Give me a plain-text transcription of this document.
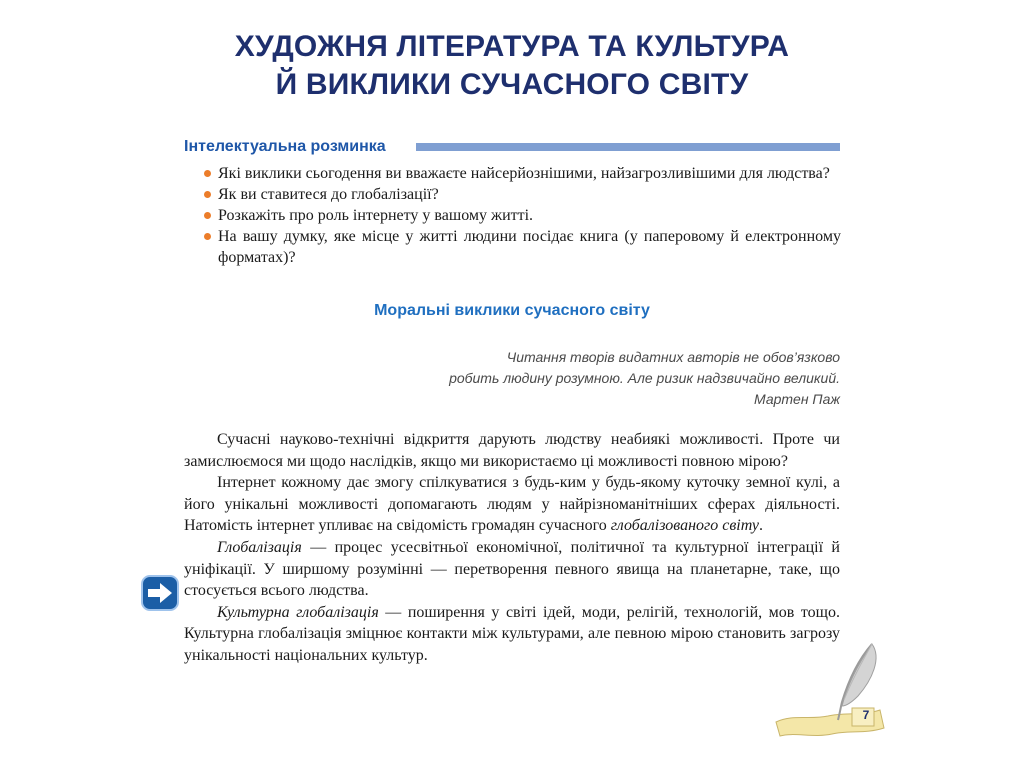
ХУДОЖНЯ ЛІТЕРАТУРА ТА КУЛЬТУРА
Й ВИКЛИКИ СУЧАСНОГО СВІТУ
Інтелектуальна розминка
Які виклики сьогодення ви вважаєте найсерйознішими, найзагрозливішими для людства?
Як ви ставитеся до глобалізації?
Розкажіть про роль інтернету у вашому житті.
На вашу думку, яке місце у житті людини посідає книга (у паперовому й електронному форматах)?
Моральні виклики сучасного світу
Читання творів видатних авторів не обов’язково
робить людину розумною. Але ризик надзвичайно великий.
Мартен Паж

Сучасні науково-технічні відкриття дарують людству неабиякі можливості. Проте чи замислюємося ми щодо наслідків, якщо ми використаємо ці можливості повною мірою?

Інтернет кожному дає змогу спілкуватися з будь-ким у будь-якому куточку земної кулі, а його унікальні можливості допомагають людям у найрізноманітніших сферах діяльності. Натомість інтернет упливає на свідомість громадян сучасного глобалізованого світу.

Глобалізація — процес усесвітньої економічної, політичної та культурної інтеграції й уніфікації. У ширшому розумінні — перетворення певного явища на планетарне, таке, що стосується всього людства.

Культурна глобалізація — поширення у світі ідей, моди, релігій, технологій, мов тощо. Культурна глобалізація зміцнює контакти між культурами, але певною мірою становить загрозу унікальності національних культур.

7
